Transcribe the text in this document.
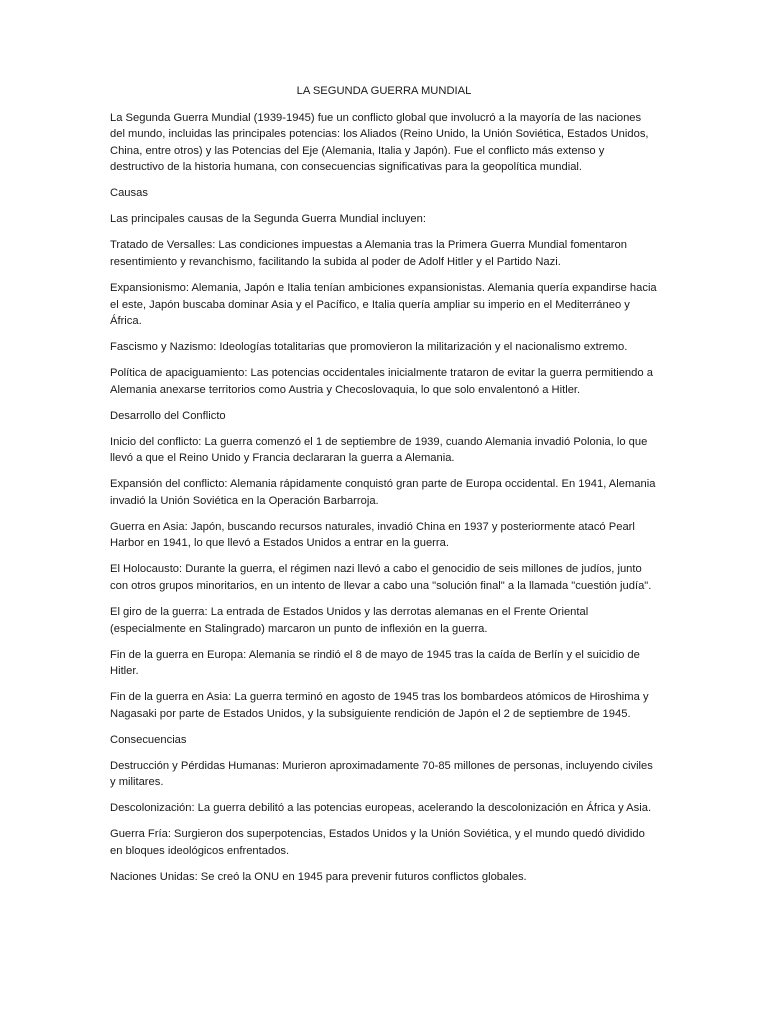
LA SEGUNDA GUERRA MUNDIAL

La Segunda Guerra Mundial (1939-1945) fue un conflicto global que involucró a la mayoría de las naciones del mundo, incluidas las principales potencias: los Aliados (Reino Unido, la Unión Soviética, Estados Unidos, China, entre otros) y las Potencias del Eje (Alemania, Italia y Japón). Fue el conflicto más extenso y destructivo de la historia humana, con consecuencias significativas para la geopolítica mundial.

Causas

Las principales causas de la Segunda Guerra Mundial incluyen:

Tratado de Versalles: Las condiciones impuestas a Alemania tras la Primera Guerra Mundial fomentaron resentimiento y revanchismo, facilitando la subida al poder de Adolf Hitler y el Partido Nazi.

Expansionismo: Alemania, Japón e Italia tenían ambiciones expansionistas. Alemania quería expandirse hacia el este, Japón buscaba dominar Asia y el Pacífico, e Italia quería ampliar su imperio en el Mediterráneo y África.

Fascismo y Nazismo: Ideologías totalitarias que promovieron la militarización y el nacionalismo extremo.

Política de apaciguamiento: Las potencias occidentales inicialmente trataron de evitar la guerra permitiendo a Alemania anexarse territorios como Austria y Checoslovaquia, lo que solo envalentonó a Hitler.

Desarrollo del Conflicto

Inicio del conflicto: La guerra comenzó el 1 de septiembre de 1939, cuando Alemania invadió Polonia, lo que llevó a que el Reino Unido y Francia declararan la guerra a Alemania.

Expansión del conflicto: Alemania rápidamente conquistó gran parte de Europa occidental. En 1941, Alemania invadió la Unión Soviética en la Operación Barbarroja.

Guerra en Asia: Japón, buscando recursos naturales, invadió China en 1937 y posteriormente atacó Pearl Harbor en 1941, lo que llevó a Estados Unidos a entrar en la guerra.

El Holocausto: Durante la guerra, el régimen nazi llevó a cabo el genocidio de seis millones de judíos, junto con otros grupos minoritarios, en un intento de llevar a cabo una "solución final" a la llamada "cuestión judía".

El giro de la guerra: La entrada de Estados Unidos y las derrotas alemanas en el Frente Oriental (especialmente en Stalingrado) marcaron un punto de inflexión en la guerra.

Fin de la guerra en Europa: Alemania se rindió el 8 de mayo de 1945 tras la caída de Berlín y el suicidio de Hitler.

Fin de la guerra en Asia: La guerra terminó en agosto de 1945 tras los bombardeos atómicos de Hiroshima y Nagasaki por parte de Estados Unidos, y la subsiguiente rendición de Japón el 2 de septiembre de 1945.

Consecuencias

Destrucción y Pérdidas Humanas: Murieron aproximadamente 70-85 millones de personas, incluyendo civiles y militares.

Descolonización: La guerra debilitó a las potencias europeas, acelerando la descolonización en África y Asia.

Guerra Fría: Surgieron dos superpotencias, Estados Unidos y la Unión Soviética, y el mundo quedó dividido en bloques ideológicos enfrentados.

Naciones Unidas: Se creó la ONU en 1945 para prevenir futuros conflictos globales.
